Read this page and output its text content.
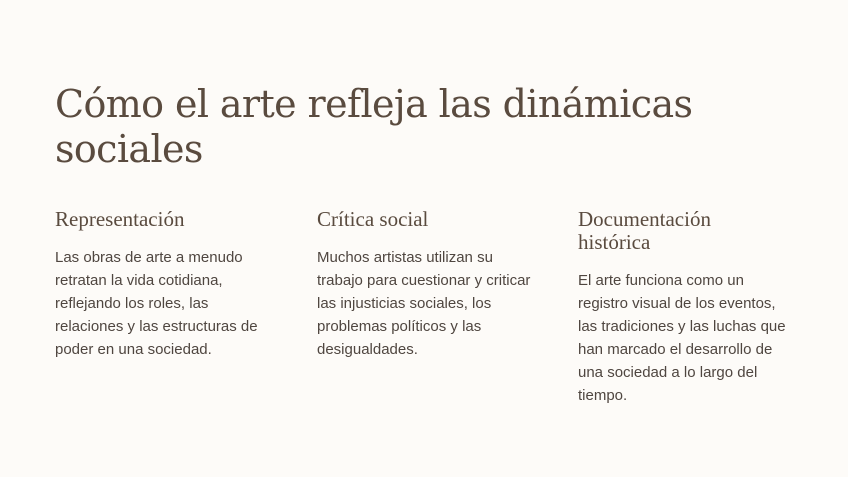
Cómo el arte refleja las dinámicas sociales
Representación

Las obras de arte a menudo retratan la vida cotidiana, reflejando los roles, las relaciones y las estructuras de poder en una sociedad.

Crítica social

Muchos artistas utilizan su trabajo para cuestionar y criticar las injusticias sociales, los problemas políticos y las desigualdades.

Documentación histórica

El arte funciona como un registro visual de los eventos, las tradiciones y las luchas que han marcado el desarrollo de una sociedad a lo largo del tiempo.
